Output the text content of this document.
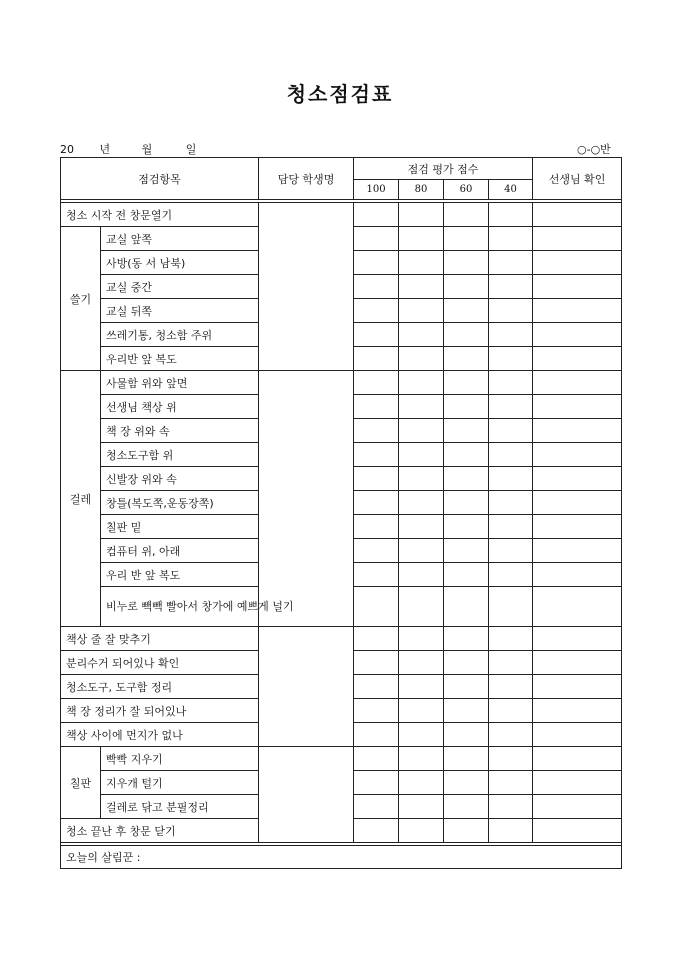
청소점검표
20 년	월	일	○-○반
점검항목		담당 학생명	점검 평가 점수				선생님 확인
			100	80	60	40	

청소 시작 전 창문열기							
쓸기	교실 앞쪽						
	사방(동 서 남북)						
	교실 중간						
	교실 뒤쪽						
	쓰레기통, 청소함 주위						
	우리반 앞 복도						
걸레	사물함 위와 앞면						
	선생님 책상 위						
	책 장 위와 속						
	청소도구함 위						
	신발장 위와 속						
	창틀(복도쪽,운동장쪽)						
	칠판 밑						
	컴퓨터 위, 아래						
	우리 반 앞 복도						
	비누로 빽빽 빨아서 창가에 예쁘게 널기						
책상 줄 잘 맞추기							
분리수거 되어있나 확인							
청소도구, 도구함 정리							
책 장 정리가 잘 되어있나							
책상 사이에 먼지가 없나							
칠판	빡빡 지우기						
	지우개 털기						
	걸레로 닦고 분필정리						
청소 끝난 후 창문 닫기							

오늘의 살림꾼 :							
